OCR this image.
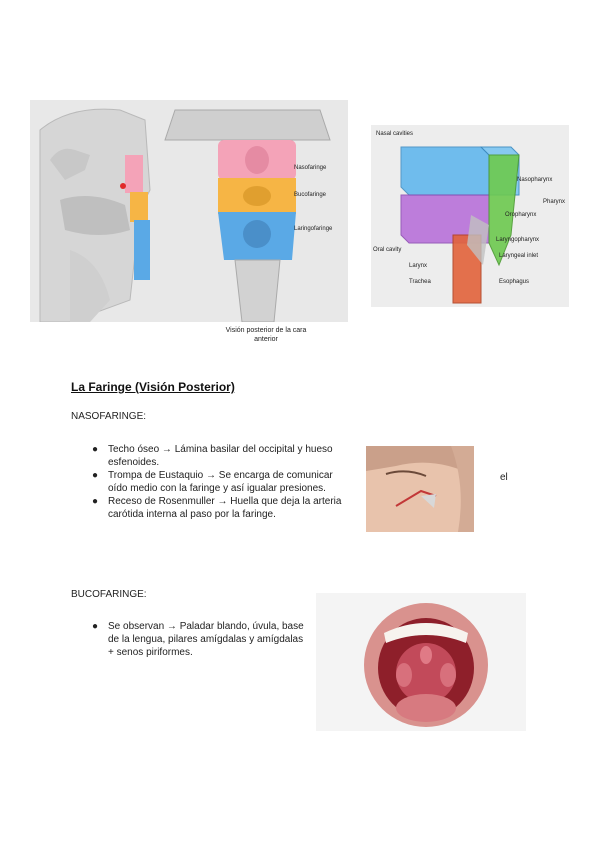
Nasofaringe
Bucofaringe
Laringofaringe
Visión posterior de la cara anterior
Nasal cavities
Nasopharynx
Pharynx
Oropharynx
Laryngopharynx
Laryngeal inlet
Oral cavity
Larynx
Trachea	Esophagus
La Faringe (Visión Posterior)
NASOFARINGE:
● Techo óseo → Lámina basilar del occipital y hueso esfenoides.
● Trompa de Eustaquio → Se encarga de comunicar
oído medio con la faringe y así igualar presiones.
● Receso de Rosenmuller → Huella que deja la arteria carótida interna al paso por la faringe.
el
BUCOFARINGE:
● Se observan → Paladar blando, úvula, base de la lengua, pilares amígdalas y amígdalas + senos piriformes.
